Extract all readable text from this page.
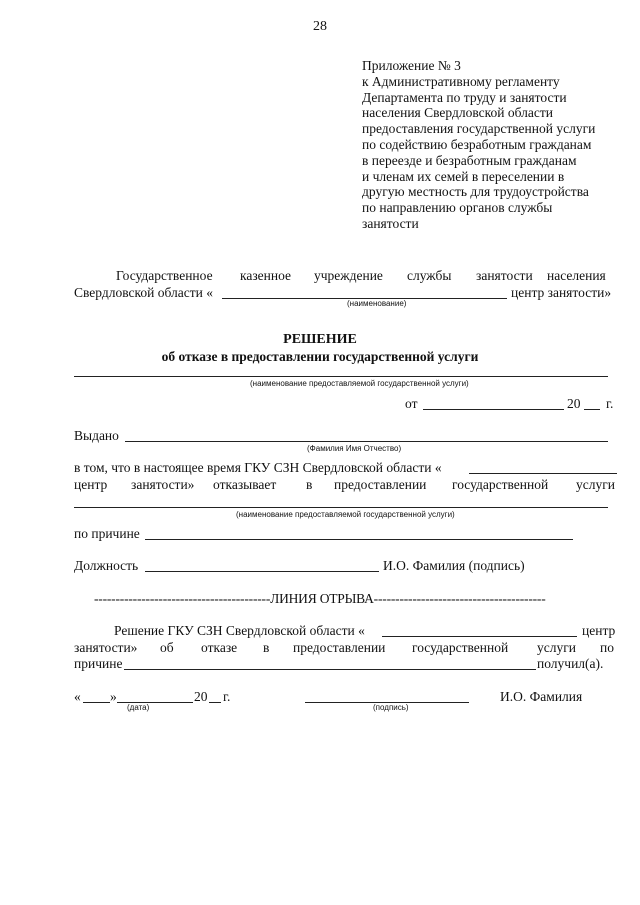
28
Приложение № 3
к Административному регламенту
Департамента по труду и занятости
населения Свердловской области
предоставления государственной услуги
по содействию безработным гражданам
в переезде и безработным гражданам
и членам их семей в переселении в
другую местность для трудоустройства
по направлению органов службы
занятости
Государственное казенное учреждение службы занятости населения
Свердловской области «	центр занятости»
(наименование)
РЕШЕНИЕ
об отказе в предоставлении государственной услуги
(наименование предоставляемой государственной услуги)
от	20 г.
Выдано
(Фамилия Имя Отчество)
в том, что в настоящее время ГКУ СЗН Свердловской области «
центр занятости» отказывает в предоставлении государственной услуги
(наименование предоставляемой государственной услуги)
по причине
Должность	И.О. Фамилия (подпись)
-----------------------------------------ЛИНИЯ ОТРЫВА----------------------------------------
Решение ГКУ СЗН Свердловской области «	центр
занятости» об отказе в предоставлении государственной услуги по
причине	получил(а).
« »	20 г.	И.О. Фамилия
(дата)	(подпись)
